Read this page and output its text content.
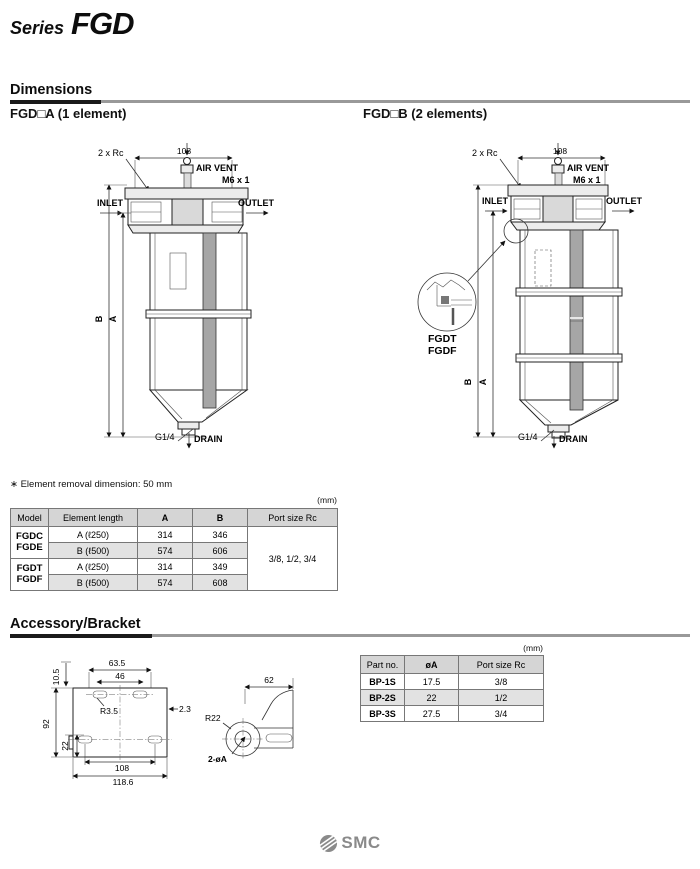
Series FGD
Dimensions
FGD□A (1 element)	FGD□B (2 elements)
108
2 x Rc
AIR VENT
M6 x 1
INLET	OUTLET
B A
G1/4 DRAIN
108
2 x Rc
AIR VENT
M6 x 1
INLET	OUTLET
FGDT
FGDF
B A
G1/4 DRAIN
∗ Element removal dimension: 50 mm
(mm)
Model	Element length	A	B	Port size Rc

FGDC
FGDE	A (ℓ250)	314	346	3/8, 1/2, 3/4
	B (ℓ500)	574	606	

FGDT
FGDF	A (ℓ250)	314	349	
	B (ℓ500)	574	608	
Accessory/Bracket
63.5
46
10.5
R3.5	2.3
92
22
108
118.6
62
R22
2-øA
(mm)
Part no.	øA	Port size Rc
BP-1S	17.5	3/8
BP-2S	22	1/2
BP-3S	27.5	3/4
SMC
